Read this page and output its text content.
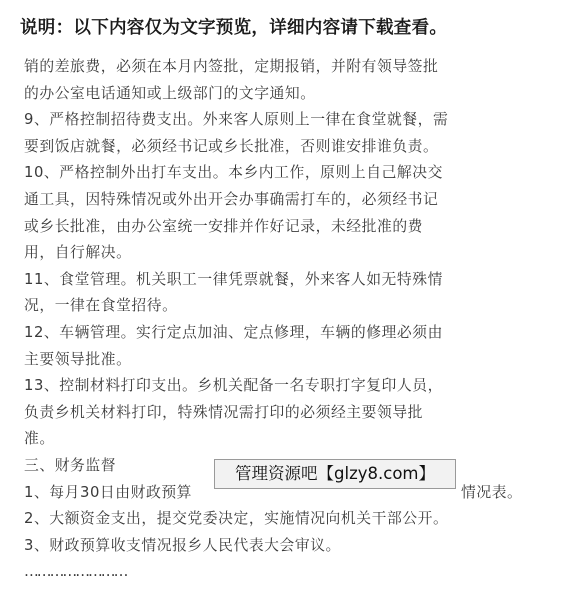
说明：以下内容仅为文字预览，详细内容请下载查看。
销的差旅费，必须在本月内签批，定期报销，并附有领导签批
的办公室电话通知或上级部门的文字通知。
9、严格控制招待费支出。外来客人原则上一律在食堂就餐，需
要到饭店就餐，必须经书记或乡长批准，否则谁安排谁负责。
10、严格控制外出打车支出。本乡内工作，原则上自己解决交
通工具，因特殊情况或外出开会办事确需打车的，必须经书记
或乡长批准，由办公室统一安排并作好记录，未经批准的费
用，自行解决。
11、食堂管理。机关职工一律凭票就餐，外来客人如无特殊情
况，一律在食堂招待。
12、车辆管理。实行定点加油、定点修理，车辆的修理必须由
主要领导批准。
13、控制材料打印支出。乡机关配备一名专职打字复印人员，
负责乡机关材料打印，特殊情况需打印的必须经主要领导批
准。
三、财务监督
1、每月30日由财政预算	情况表。
2、大额资金支出，提交党委决定，实施情况向机关干部公开。
3、财政预算收支情况报乡人民代表大会审议。
……………………
管理资源吧【glzy8.com】
